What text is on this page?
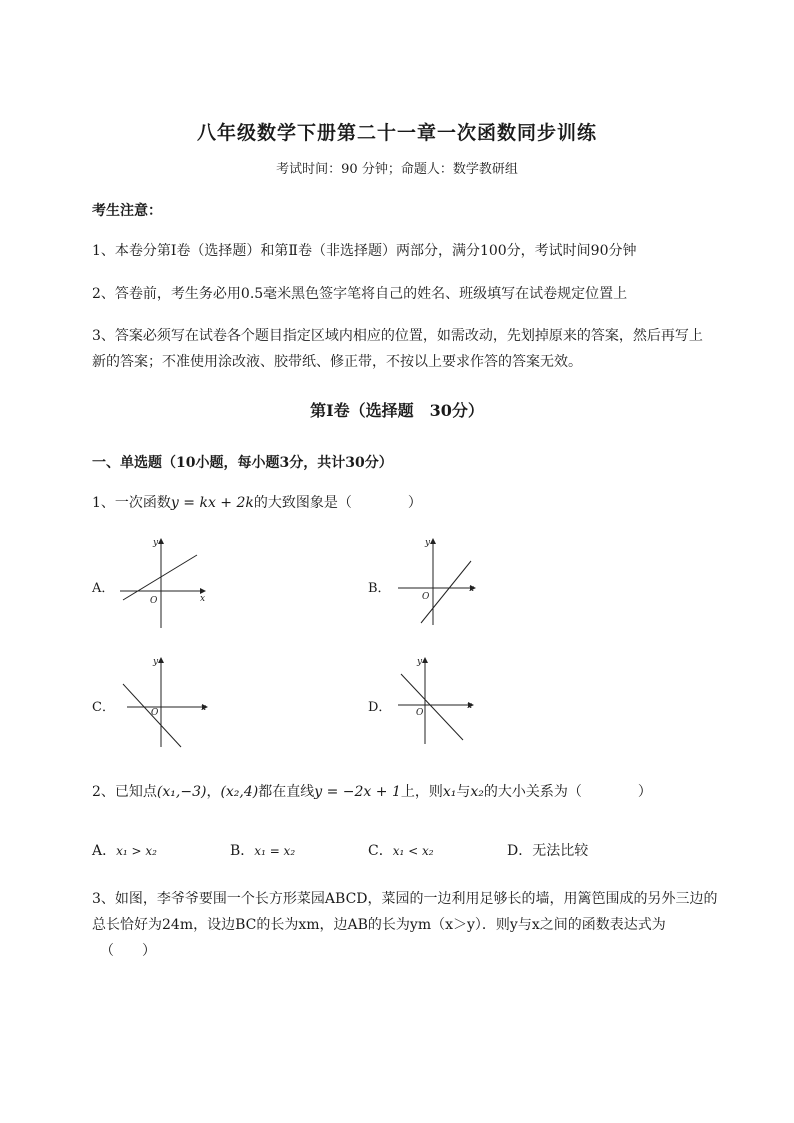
八年级数学下册第二十一章一次函数同步训练
考试时间：90 分钟；命题人：数学教研组
考生注意：
1、本卷分第Ⅰ卷（选择题）和第Ⅱ卷（非选择题）两部分，满分100分，考试时间90分钟
2、答卷前，考生务必用0.5毫米黑色签字笔将自己的姓名、班级填写在试卷规定位置上
3、答案必须写在试卷各个题目指定区域内相应的位置，如需改动，先划掉原来的答案，然后再写上新的答案；不准使用涂改液、胶带纸、修正带，不按以上要求作答的答案无效。
第Ⅰ卷（选择题　30分）
一、单选题（10小题，每小题3分，共计30分）
1、一次函数y = kx + 2k的大致图象是（　　　　）
A．
x
y
O
B．	x
y
O
C．	x
y
O	D．	x
y
O
2、已知点(x₁,−3)，(x₂,4)都在直线y = −2x + 1上，则x₁与x₂的大小关系为（　　　　）
A．x₁ > x₂	B．x₁ = x₂	C．x₁ < x₂	D．无法比较
3、如图，李爷爷要围一个长方形菜园ABCD，菜园的一边利用足够长的墙，用篱笆围成的另外三边的
总长恰好为24m，设边BC的长为xm，边AB的长为ym（x＞y）．则y与x之间的函数表达式为
（　　）
